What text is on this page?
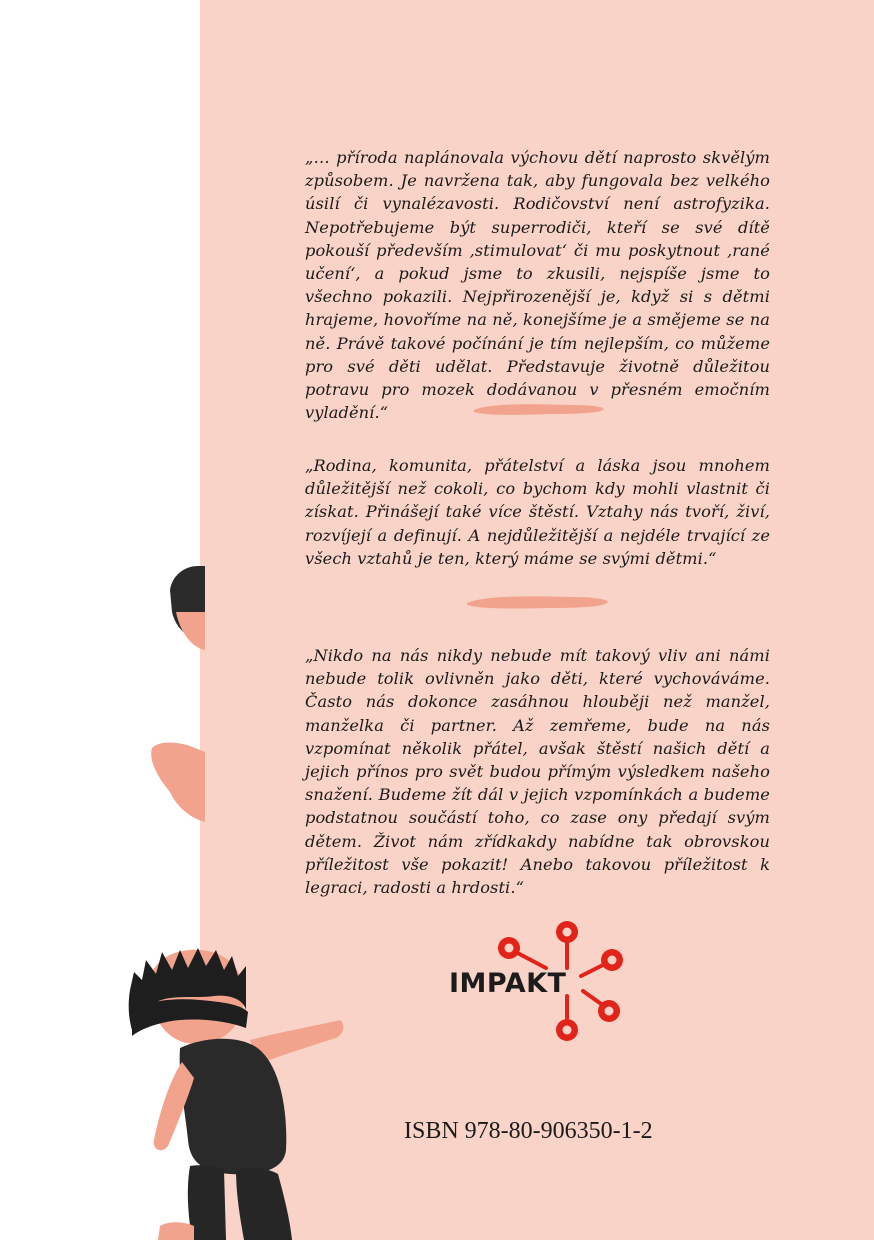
„… příroda naplánovala výchovu dětí naprosto skvělým způsobem. Je navržena tak, aby fungovala bez velkého úsilí či vynalézavosti. Rodičovství není astrofyzika. Nepotřebujeme být superrodiči, kteří se své dítě pokouší především ‚stimulovat‘ či mu poskytnout ‚rané učení‘, a pokud jsme to zkusili, nejspíše jsme to všechno pokazili. Nejpřirozenější je, když si s dětmi hrajeme, hovoříme na ně, konejšíme je a smějeme se na ně. Právě takové počínání je tím nejlepším, co můžeme pro své děti udělat. Představuje životně důležitou potravu pro mozek dodávanou v přesném emočním vyladění.“
„Rodina, komunita, přátelství a láska jsou mnohem důležitější než cokoli, co bychom kdy mohli vlastnit či získat. Přinášejí také více štěstí. Vztahy nás tvoří, živí, rozvíjejí a definují. A nejdůležitější a nejdéle trvající ze všech vztahů je ten, který máme se svými dětmi.“
„Nikdo na nás nikdy nebude mít takový vliv ani námi nebude tolik ovlivněn jako děti, které vychováváme. Často nás dokonce zasáhnou hlouběji než manžel, manželka či partner. Až zemřeme, bude na nás vzpomínat několik přátel, avšak štěstí našich dětí a jejich přínos pro svět budou přímým výsledkem našeho snažení. Budeme žít dál v jejich vzpomínkách a budeme podstatnou součástí toho, co zase ony předají svým dětem. Život nám zřídkakdy nabídne tak obrovskou příležitost vše pokazit! Anebo takovou příležitost k legraci, radosti a hrdosti.“
IMPAKT
ISBN 978-80-906350-1-2
